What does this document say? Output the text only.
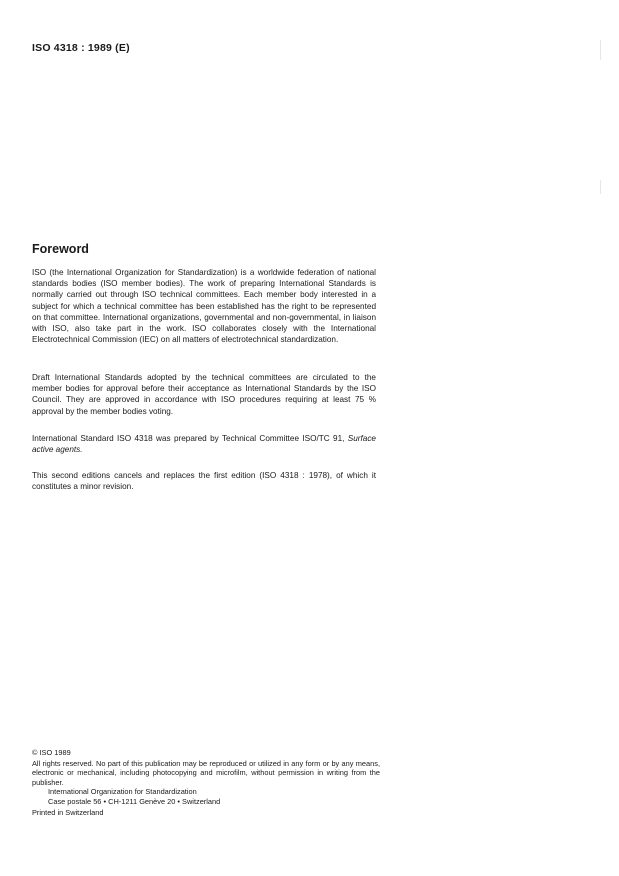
ISO 4318 : 1989 (E)
Foreword

ISO (the International Organization for Standardization) is a worldwide federation of national standards bodies (ISO member bodies). The work of preparing International Standards is normally carried out through ISO technical committees. Each member body interested in a subject for which a technical committee has been established has the right to be represented on that committee. International organizations, governmental and non-governmental, in liaison with ISO, also take part in the work. ISO collaborates closely with the International Electrotechnical Commission (IEC) on all matters of electrotechnical standardization.

Draft International Standards adopted by the technical committees are circulated to the member bodies for approval before their acceptance as International Standards by the ISO Council. They are approved in accordance with ISO procedures requiring at least 75 % approval by the member bodies voting.

International Standard ISO 4318 was prepared by Technical Committee ISO/TC 91, Surface active agents.

This second editions cancels and replaces the first edition (ISO 4318 : 1978), of which it constitutes a minor revision.

© ISO 1989

All rights reserved. No part of this publication may be reproduced or utilized in any form or by any means, electronic or mechanical, including photocopying and microfilm, without permission in writing from the publisher.

International Organization for Standardization

Case postale 56 • CH-1211 Genève 20 • Switzerland

Printed in Switzerland
